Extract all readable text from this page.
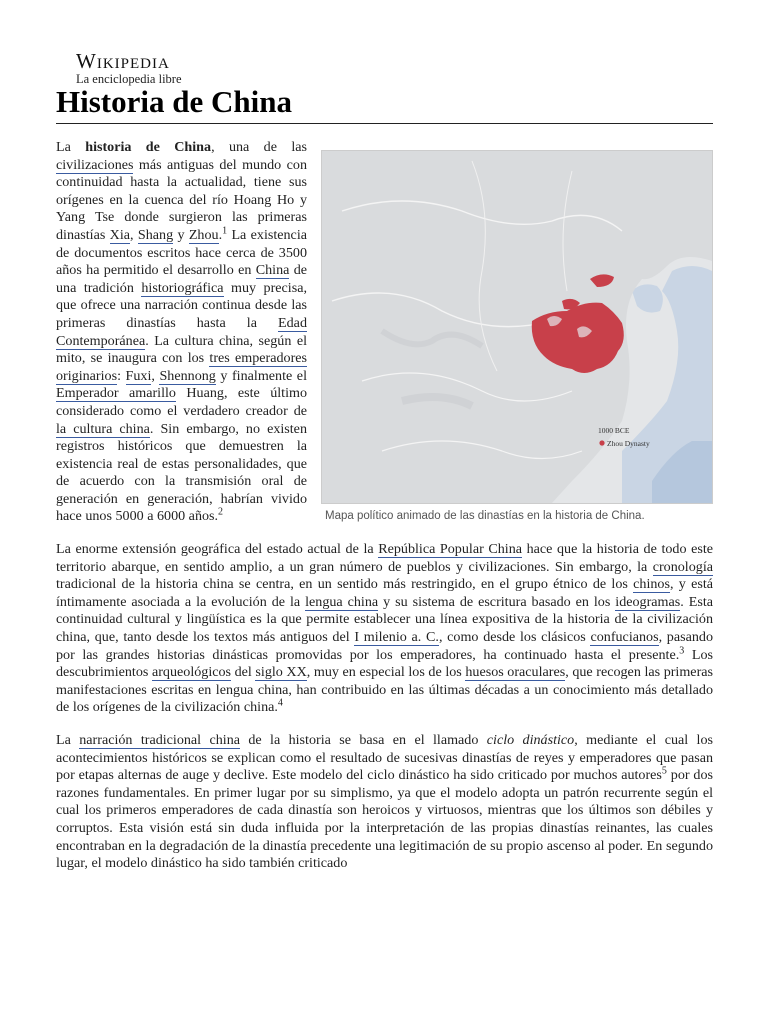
Wikipedia
La enciclopedia libre
Historia de China
1000 BCE
Zhou Dynasty
Mapa político animado de las dinastías en la historia de China.

La historia de China, una de las civilizaciones más antiguas del mundo con continuidad hasta la actualidad, tiene sus orígenes en la cuenca del río Hoang Ho y Yang Tse donde surgieron las primeras dinastías Xia, Shang y Zhou.$^1$ La existencia de documentos escritos hace cerca de 3500 años ha permitido el desarrollo en China de una tradición historiográfica muy precisa, que ofrece una narración continua desde las primeras dinastías hasta la Edad Contemporánea. La cultura china, según el mito, se inaugura con los tres emperadores originarios: Fuxi, Shennong y finalmente el Emperador amarillo Huang, este último considerado como el verdadero creador de la cultura china. Sin embargo, no existen registros históricos que demuestren la existencia real de estas personalidades, que de acuerdo con la transmisión oral de generación en generación, habrían vivido hace unos 5000 a 6000 años.$^2$

La enorme extensión geográfica del estado actual de la República Popular China hace que la historia de todo este territorio abarque, en sentido amplio, a un gran número de pueblos y civilizaciones. Sin embargo, la cronología tradicional de la historia china se centra, en un sentido más restringido, en el grupo étnico de los chinos, y está íntimamente asociada a la evolución de la lengua china y su sistema de escritura basado en los ideogramas. Esta continuidad cultural y lingüística es la que permite establecer una línea expositiva de la historia de la civilización china, que, tanto desde los textos más antiguos del I milenio a. C., como desde los clásicos confucianos, pasando por las grandes historias dinásticas promovidas por los emperadores, ha continuado hasta el presente.$^3$ Los descubrimientos arqueológicos del siglo XX, muy en especial los de los huesos oraculares, que recogen las primeras manifestaciones escritas en lengua china, han contribuido en las últimas décadas a un conocimiento más detallado de los orígenes de la civilización china.$^4$

La narración tradicional china de la historia se basa en el llamado ciclo dinástico, mediante el cual los acontecimientos históricos se explican como el resultado de sucesivas dinastías de reyes y emperadores que pasan por etapas alternas de auge y declive. Este modelo del ciclo dinástico ha sido criticado por muchos autores$^5$ por dos razones fundamentales. En primer lugar por su simplismo, ya que el modelo adopta un patrón recurrente según el cual los primeros emperadores de cada dinastía son heroicos y virtuosos, mientras que los últimos son débiles y corruptos. Esta visión está sin duda influida por la interpretación de las propias dinastías reinantes, las cuales encontraban en la degradación de la dinastía precedente una legitimación de su propio ascenso al poder. En segundo lugar, el modelo dinástico ha sido también criticado
